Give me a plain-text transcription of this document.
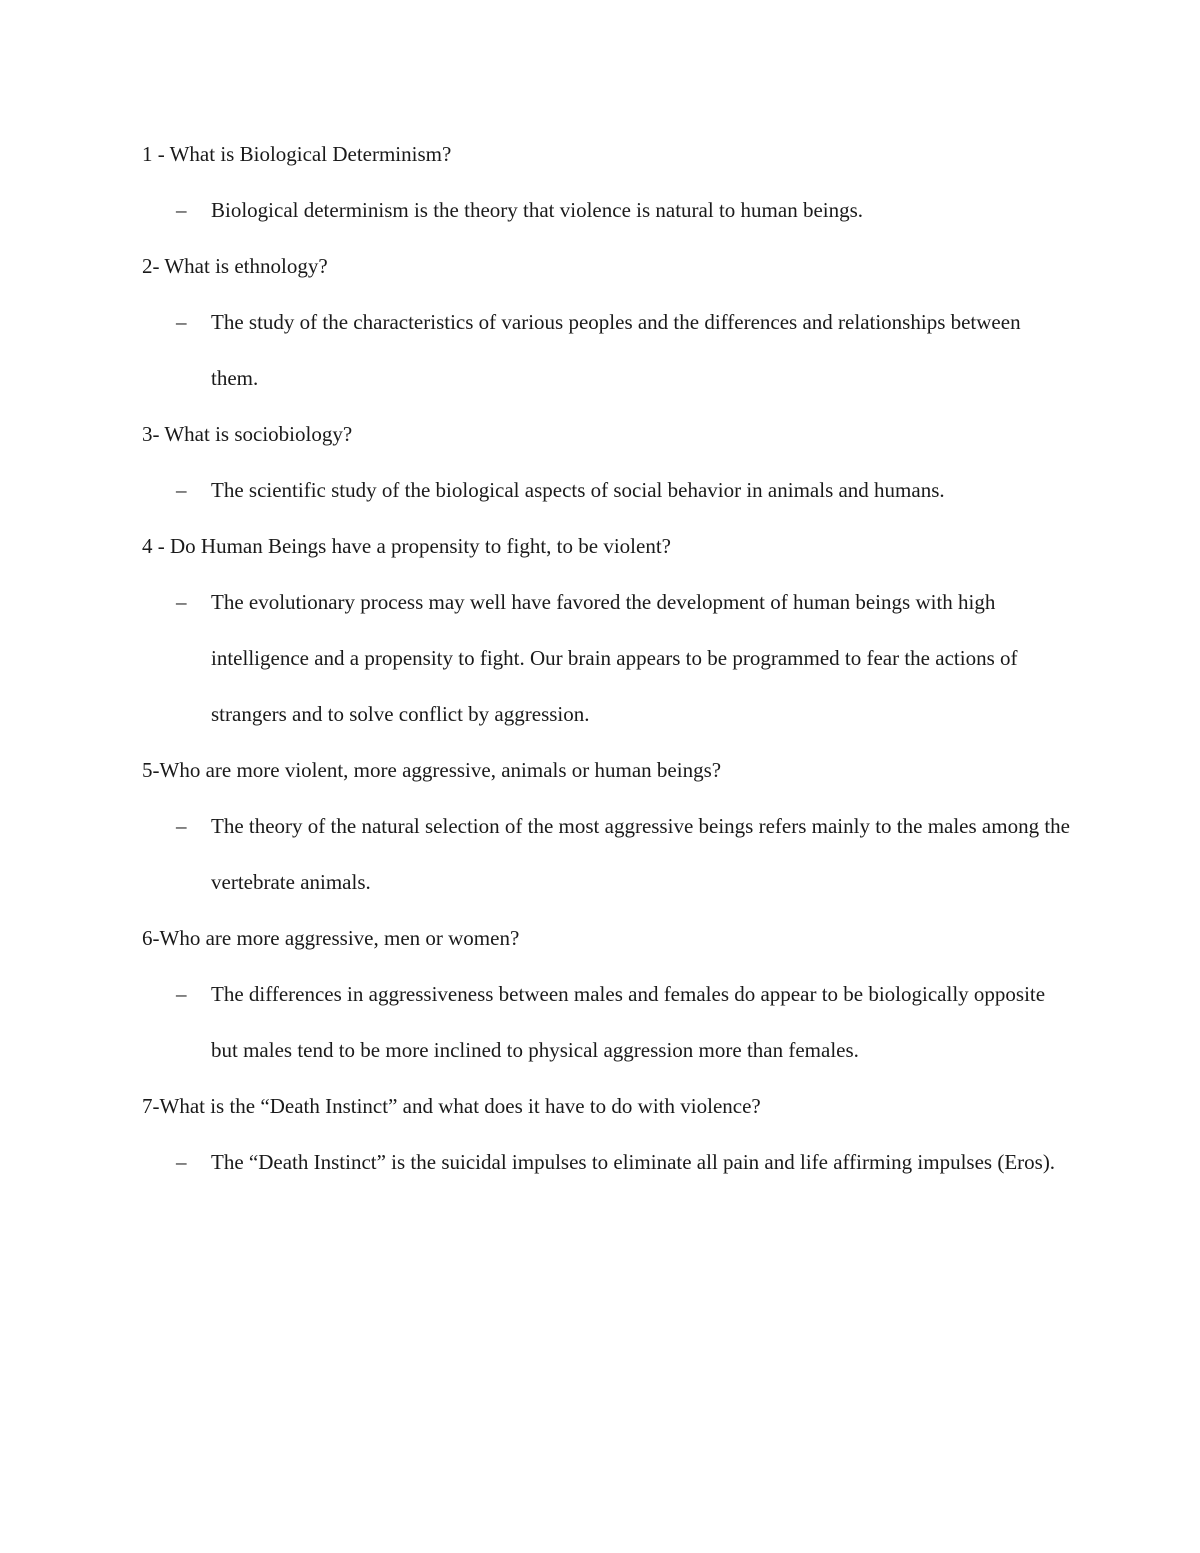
1 - What is Biological Determinism?

– Biological determinism is the theory that violence is natural to human beings.

2- What is ethnology?

– The study of the characteristics of various peoples and the differences and relationships between them.

3- What is sociobiology?

– The scientific study of the biological aspects of social behavior in animals and humans.

4 - Do Human Beings have a propensity to fight, to be violent?

– The evolutionary process may well have favored the development of human beings with high intelligence and a propensity to fight. Our brain appears to be programmed to fear the actions of strangers and to solve conflict by aggression.

5-Who are more violent, more aggressive, animals or human beings?

– The theory of the natural selection of the most aggressive beings refers mainly to the males among the vertebrate animals.

6-Who are more aggressive, men or women?

– The differences in aggressiveness between males and females do appear to be biologically opposite but males tend to be more inclined to physical aggression more than females.

7-What is the “Death Instinct” and what does it have to do with violence?

– The “Death Instinct” is the suicidal impulses to eliminate all pain and life affirming impulses (Eros).
